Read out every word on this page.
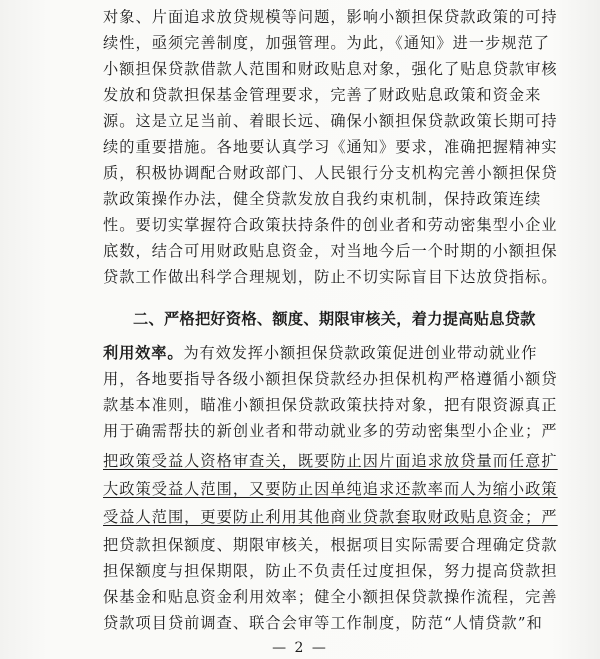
对象、片面追求放贷规模等问题，影响小额担保贷款政策的可持
续性，亟须完善制度，加强管理。为此，《通知》进一步规范了
小额担保贷款借款人范围和财政贴息对象，强化了贴息贷款审核
发放和贷款担保基金管理要求，完善了财政贴息政策和资金来
源。这是立足当前、着眼长远、确保小额担保贷款政策长期可持
续的重要措施。各地要认真学习《通知》要求，准确把握精神实
质，积极协调配合财政部门、人民银行分支机构完善小额担保贷
款政策操作办法，健全贷款发放自我约束机制，保持政策连续
性。要切实掌握符合政策扶持条件的创业者和劳动密集型小企业
底数，结合可用财政贴息资金，对当地今后一个时期的小额担保
贷款工作做出科学合理规划，防止不切实际盲目下达放贷指标。
二、严格把好资格、额度、期限审核关，着力提高贴息贷款
利用效率。为有效发挥小额担保贷款政策促进创业带动就业作
用，各地要指导各级小额担保贷款经办担保机构严格遵循小额贷
款基本准则，瞄准小额担保贷款政策扶持对象，把有限资源真正
用于确需帮扶的新创业者和带动就业多的劳动密集型小企业；严
把政策受益人资格审查关，既要防止因片面追求放贷量而任意扩
大政策受益人范围，又要防止因单纯追求还款率而人为缩小政策
受益人范围，更要防止利用其他商业贷款套取财政贴息资金；严
把贷款担保额度、期限审核关，根据项目实际需要合理确定贷款
担保额度与担保期限，防止不负责任过度担保，努力提高贷款担
保基金和贴息资金利用效率；健全小额担保贷款操作流程，完善
贷款项目贷前调查、联合会审等工作制度，防范“人情贷款”和
— 2 —
